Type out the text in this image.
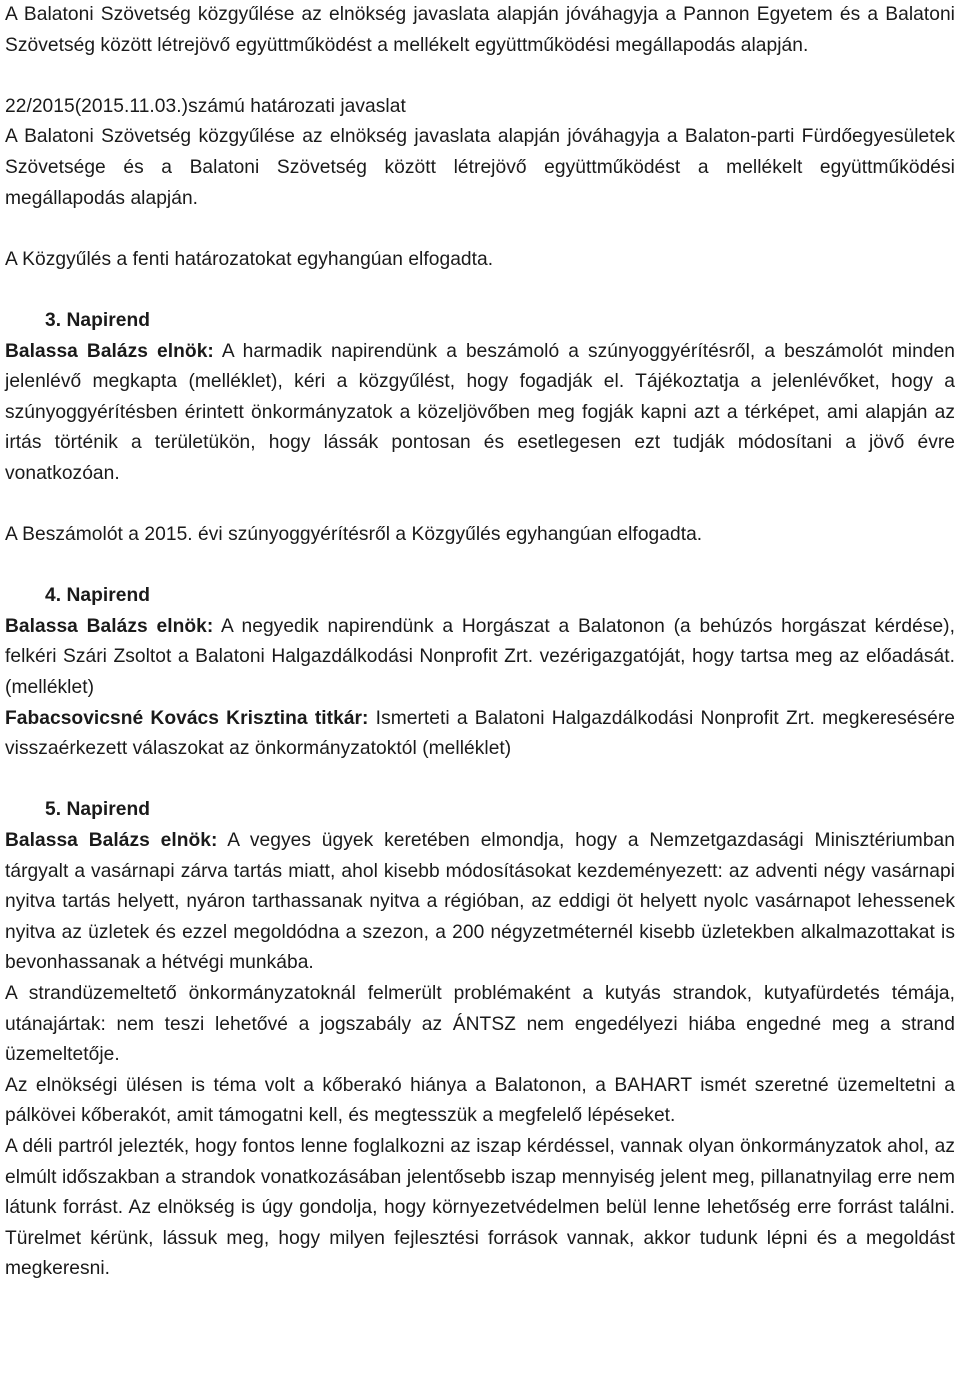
A Balatoni Szövetség közgyűlése az elnökség javaslata alapján jóváhagyja a Pannon Egyetem és a Balatoni Szövetség között létrejövő együttműködést a mellékelt együttműködési megállapodás alapján.

22/2015(2015.11.03.)számú határozati javaslat

A Balatoni Szövetség közgyűlése az elnökség javaslata alapján jóváhagyja a Balaton-parti Fürdőegyesületek Szövetsége és a Balatoni Szövetség között létrejövő együttműködést a mellékelt együttműködési megállapodás alapján.

A Közgyűlés a fenti határozatokat egyhangúan elfogadta.

3. Napirend

Balassa Balázs elnök: A harmadik napirendünk a beszámoló a szúnyoggyérítésről, a beszámolót minden jelenlévő megkapta (melléklet), kéri a közgyűlést, hogy fogadják el. Tájékoztatja a jelenlévőket, hogy a szúnyoggyérítésben érintett önkormányzatok a közeljövőben meg fogják kapni azt a térképet, ami alapján az irtás történik a területükön, hogy lássák pontosan és esetlegesen ezt tudják módosítani a jövő évre vonatkozóan.

A Beszámolót a 2015. évi szúnyoggyérítésről a Közgyűlés egyhangúan elfogadta.

4. Napirend

Balassa Balázs elnök: A negyedik napirendünk a Horgászat a Balatonon (a behúzós horgászat kérdése), felkéri Szári Zsoltot a Balatoni Halgazdálkodási Nonprofit Zrt. vezérigazgatóját, hogy tartsa meg az előadását. (melléklet)

Fabacsovicsné Kovács Krisztina titkár: Ismerteti a Balatoni Halgazdálkodási Nonprofit Zrt. megkeresésére visszaérkezett válaszokat az önkormányzatoktól (melléklet)

5. Napirend

Balassa Balázs elnök: A vegyes ügyek keretében elmondja, hogy a Nemzetgazdasági Minisztériumban tárgyalt a vasárnapi zárva tartás miatt, ahol kisebb módosításokat kezdeményezett: az adventi négy vasárnapi nyitva tartás helyett, nyáron tarthassanak nyitva a régióban, az eddigi öt helyett nyolc vasárnapot lehessenek nyitva az üzletek és ezzel megoldódna a szezon, a 200 négyzetméternél kisebb üzletekben alkalmazottakat is bevonhassanak a hétvégi munkába.

A strandüzemeltető önkormányzatoknál felmerült problémaként a kutyás strandok, kutyafürdetés témája, utánajártak: nem teszi lehetővé a jogszabály az ÁNTSZ nem engedélyezi hiába engedné meg a strand üzemeltetője.

Az elnökségi ülésen is téma volt a kőberakó hiánya a Balatonon, a BAHART ismét szeretné üzemeltetni a pálkövei kőberakót, amit támogatni kell, és megtesszük a megfelelő lépéseket.

A déli partról jelezték, hogy fontos lenne foglalkozni az iszap kérdéssel, vannak olyan önkormányzatok ahol, az elmúlt időszakban a strandok vonatkozásában jelentősebb iszap mennyiség jelent meg, pillanatnyilag erre nem látunk forrást. Az elnökség is úgy gondolja, hogy környezetvédelmen belül lenne lehetőség erre forrást találni. Türelmet kérünk, lássuk meg, hogy milyen fejlesztési források vannak, akkor tudunk lépni és a megoldást megkeresni.
